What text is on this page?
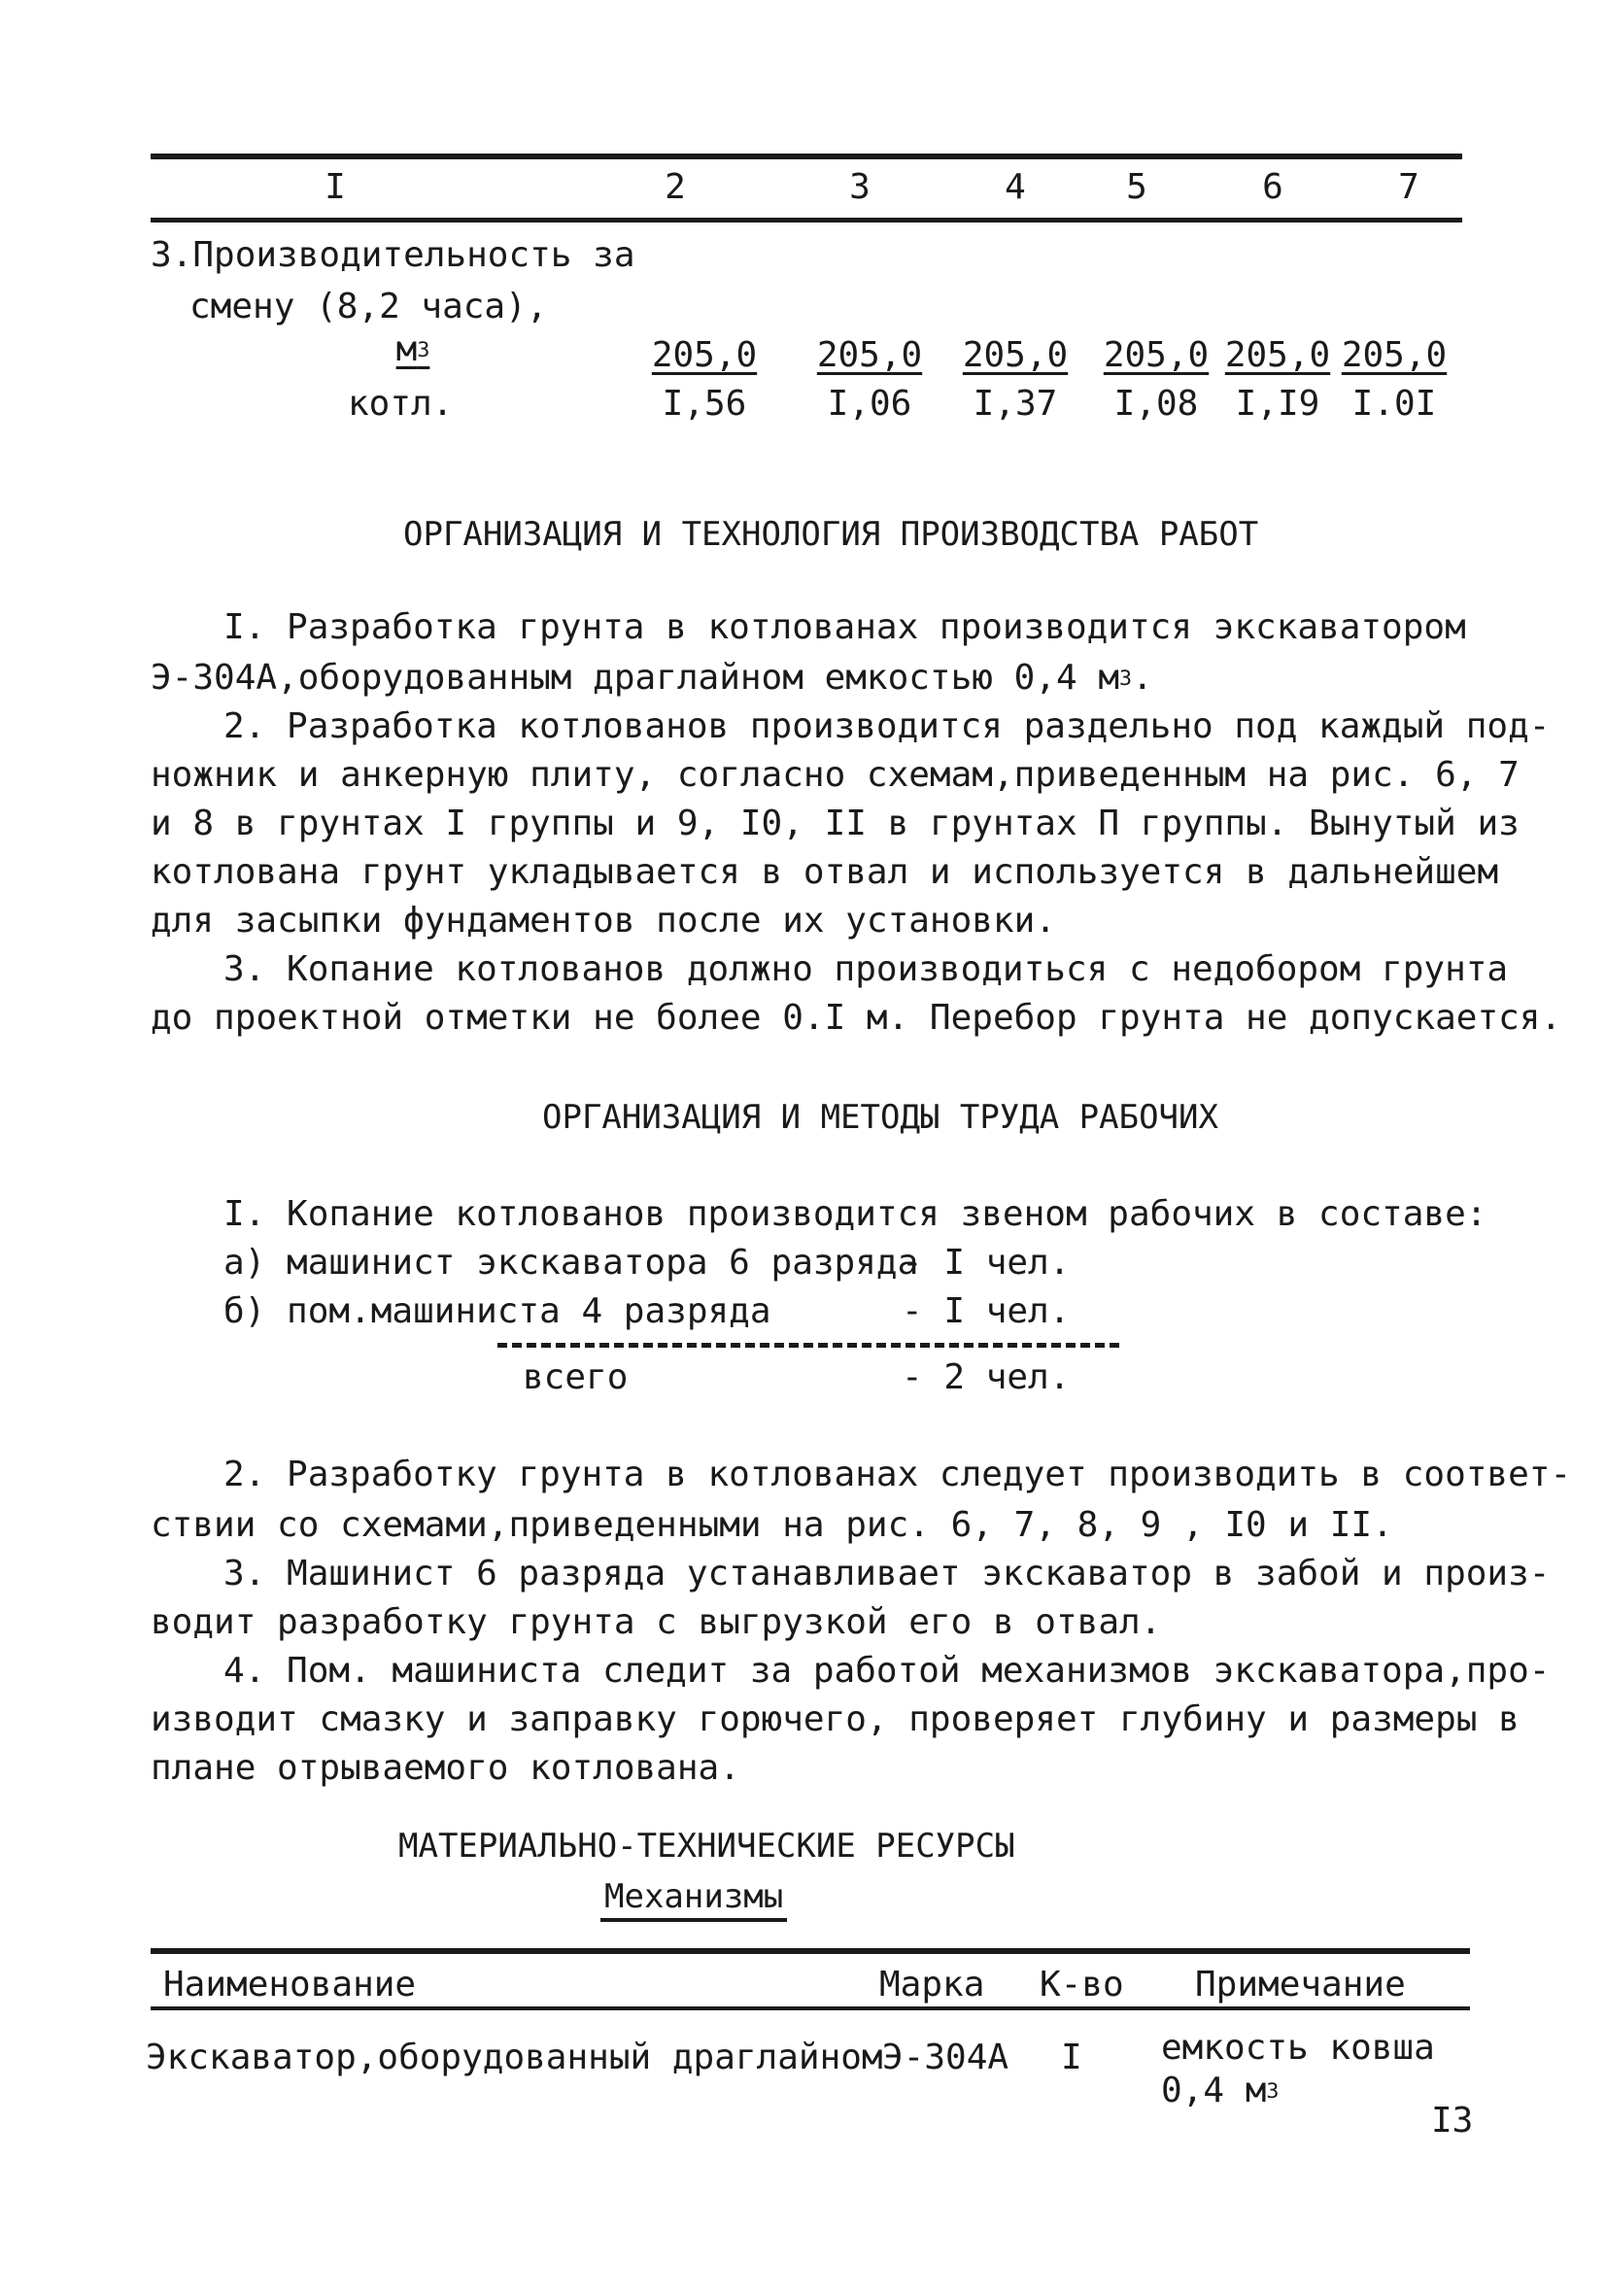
I	2	3	4	5	6	7
3.Производительность за
смену (8,2 часа),
$м^3$
котл.
205,0	205,0	205,0	205,0 205,0 205,0
I,56	I,06	I,37	I,08	I,I9 I.0I
ОРГАНИЗАЦИЯ И ТЕХНОЛОГИЯ ПРОИЗВОДСТВА РАБОТ
I. Разработка грунта в котлованах производится экскаватором
Э-304А,оборудованным драглайном емкостью 0,4 $м^3$.
2. Разработка котлованов производится раздельно под каждый под-
ножник и анкерную плиту, согласно схемам,приведенным на рис. 6, 7
и 8 в грунтах I группы и 9, I0, II в грунтах П группы. Вынутый из
котлована грунт укладывается в отвал и используется в дальнейшем
для засыпки фундаментов после их установки.
3. Копание котлованов должно производиться с недобором грунта
до проектной отметки не более 0.I м. Перебор грунта не допускается.
ОРГАНИЗАЦИЯ И МЕТОДЫ ТРУДА РАБОЧИХ
I. Копание котлованов производится звеном рабочих в составе:
а) машинист экскаватора 6 разряда
- I чел.
б) пом.машиниста 4 разряда	- I чел.
всего	- 2 чел.
2. Разработку грунта в котлованах следует производить в соответ-
ствии со схемами,приведенными на рис. 6, 7, 8, 9 , I0 и II.
3. Машинист 6 разряда устанавливает экскаватор в забой и произ-
водит разработку грунта с выгрузкой его в отвал.
4. Пом. машиниста следит за работой механизмов экскаватора,про-
изводит смазку и заправку горючего, проверяет глубину и размеры в
плане отрываемого котлована.
МАТЕРИАЛЬНО-ТЕХНИЧЕСКИЕ РЕСУРСЫ
Механизмы
Наименование	Марка К-во Примечание
Экскаватор,оборудованный драглайном Э-304А I емкость ковша
0,4 $м^3$
I3
